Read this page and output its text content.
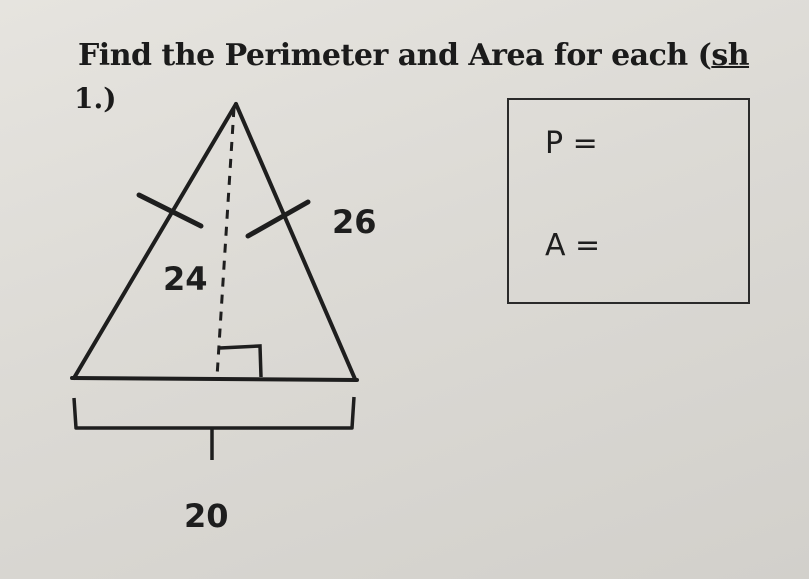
Find the Perimeter and Area for each (sh
1.)
26
24
20
P =
A =
